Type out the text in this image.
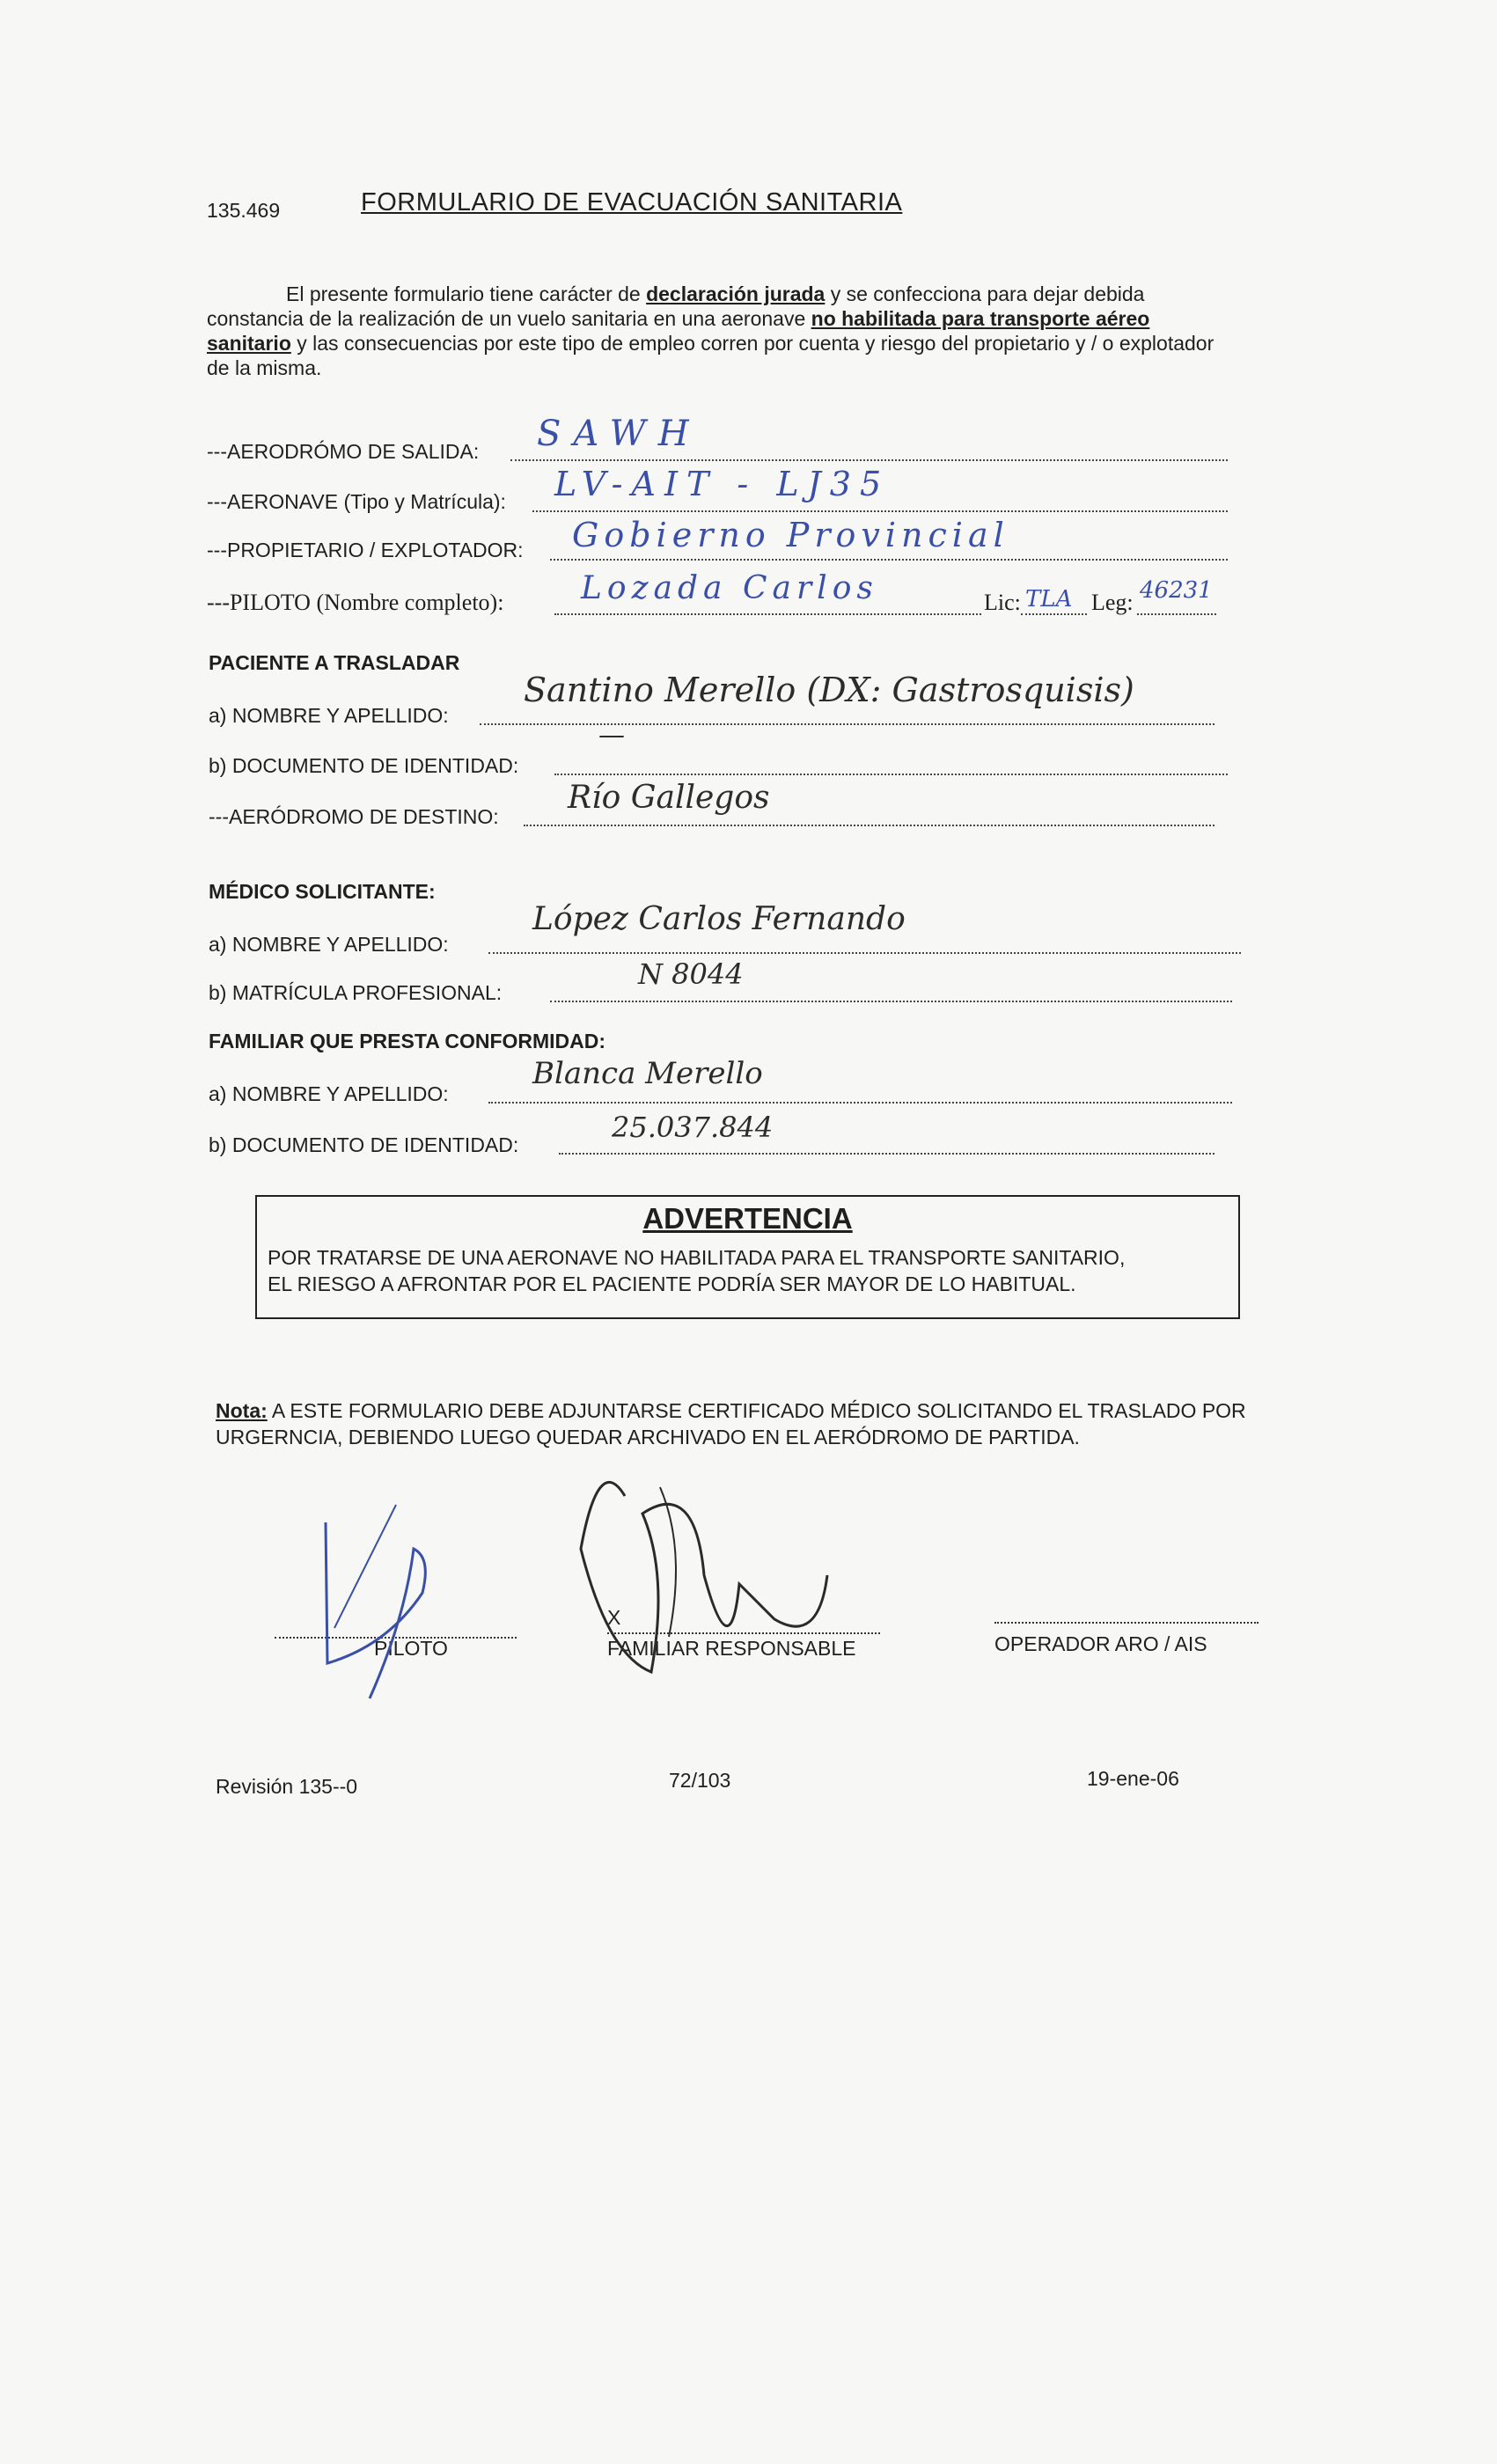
135.469	FORMULARIO DE EVACUACIÓN SANITARIA
El presente formulario tiene carácter de declaración jurada y se confecciona para dejar debida constancia de la realización de un vuelo sanitaria en una aeronave no habilitada para transporte aéreo sanitario y las consecuencias por este tipo de empleo corren por cuenta y riesgo del propietario y / o explotador de la misma.
---AERODRÓMO DE SALIDA: SAWH
---AERONAVE (Tipo y Matrícula): LV-AIT - LJ35
---PROPIETARIO / EXPLOTADOR: Gobierno Provincial
---PILOTO (Nombre completo): Lozada Carlos	Lic: TLA Leg: 46231
PACIENTE A TRASLADAR
a) NOMBRE Y APELLIDO:
Santino Merello (DX: Gastrosquisis)
b) DOCUMENTO DE IDENTIDAD:
—
---AERÓDROMO DE DESTINO:
Río Gallegos
MÉDICO SOLICITANTE:
a) NOMBRE Y APELLIDO:
López Carlos Fernando
b) MATRÍCULA PROFESIONAL:
N 8044
FAMILIAR QUE PRESTA CONFORMIDAD:
a) NOMBRE Y APELLIDO:
Blanca Merello
b) DOCUMENTO DE IDENTIDAD:
25.037.844
ADVERTENCIA
POR TRATARSE DE UNA AERONAVE NO HABILITADA PARA EL TRANSPORTE SANITARIO,
EL RIESGO A AFRONTAR POR EL PACIENTE PODRÍA SER MAYOR DE LO HABITUAL.
Nota: A ESTE FORMULARIO DEBE ADJUNTARSE CERTIFICADO MÉDICO SOLICITANDO EL TRASLADO POR URGERNCIA, DEBIENDO LUEGO QUEDAR ARCHIVADO EN EL AERÓDROMO DE PARTIDA.
PILOTO
X
FAMILIAR RESPONSABLE	OPERADOR ARO / AIS
Revisión 135--0	72/103	19-ene-06
